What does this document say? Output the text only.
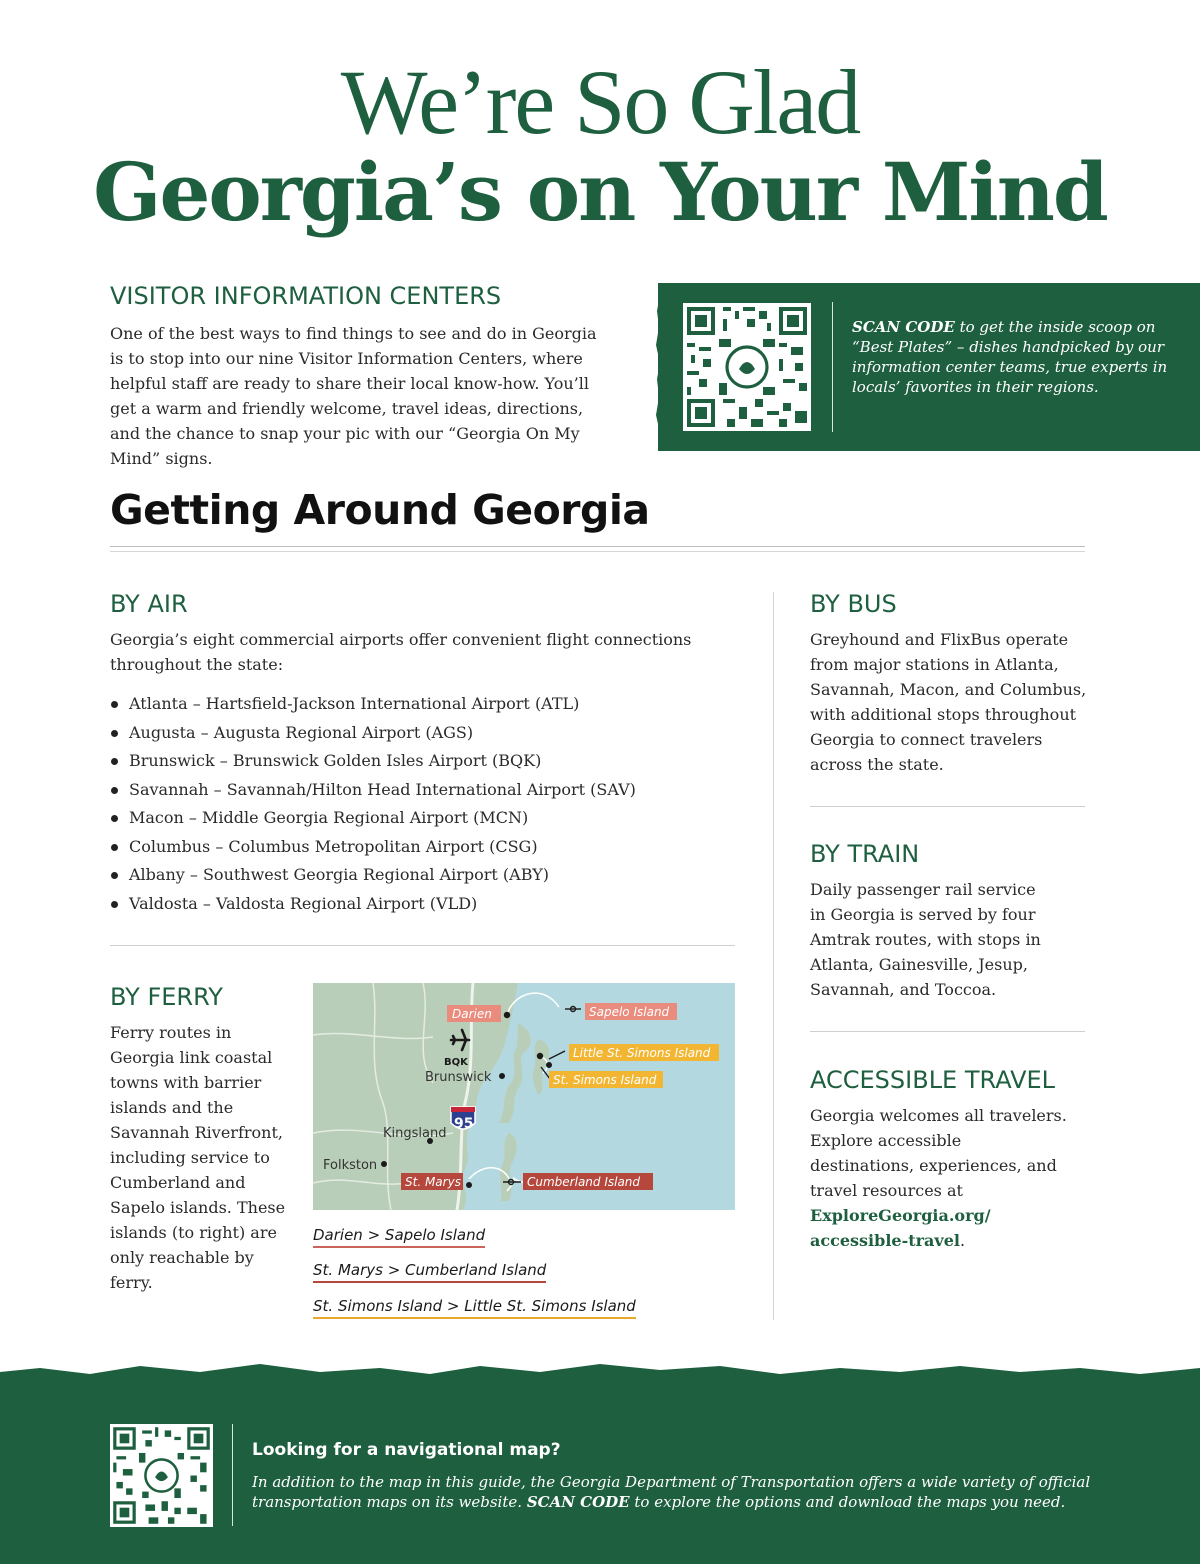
We’re So Glad
Georgia’s on Your Mind
VISITOR INFORMATION CENTERS

One of the best ways to find things to see and do in Georgia is to stop into our nine Visitor Information Centers, where helpful staff are ready to share their local know-how. You’ll get a warm and friendly welcome, travel ideas, directions, and the chance to snap your pic with our “Georgia On My Mind” signs.

SCAN CODE to get the inside scoop on “Best Plates” – dishes handpicked by our information center teams, true experts in locals’ favorites in their regions.
Getting Around Georgia
BY AIR

Georgia’s eight commercial airports offer convenient flight connections throughout the state:

Atlanta – Hartsfield-Jackson International Airport (ATL)
Augusta – Augusta Regional Airport (AGS)
Brunswick – Brunswick Golden Isles Airport (BQK)
Savannah – Savannah/Hilton Head International Airport (SAV)
Macon – Middle Georgia Regional Airport (MCN)
Columbus – Columbus Metropolitan Airport (CSG)
Albany – Southwest Georgia Regional Airport (ABY)
Valdosta – Valdosta Regional Airport (VLD)
BY FERRY

Ferry routes in Georgia link coastal towns with barrier islands and the Savannah Riverfront, including service to Cumberland and Sapelo islands. These islands (to right) are only reachable by ferry.

BQK
Brunswick
Kingsland
Folkston
95
Darien	Sapelo Island
Little St. Simons Island
St. Simons Island
St. Marys	Cumberland Island
Darien > Sapelo Island
St. Marys > Cumberland Island
St. Simons Island > Little St. Simons Island
BY BUS

Greyhound and FlixBus operate from major stations in Atlanta, Savannah, Macon, and Columbus, with additional stops throughout Georgia to connect travelers across the state.

BY TRAIN

Daily passenger rail service in Georgia is served by four Amtrak routes, with stops in Atlanta, Gainesville, Jesup, Savannah, and Toccoa.

ACCESSIBLE TRAVEL

Georgia welcomes all travelers. Explore accessible destinations, experiences, and travel resources at ExploreGeorgia.org/ accessible-travel.

Looking for a navigational map?
In addition to the map in this guide, the Georgia Department of Transportation offers a wide variety of official transportation maps on its website. SCAN CODE to explore the options and download the maps you need.
